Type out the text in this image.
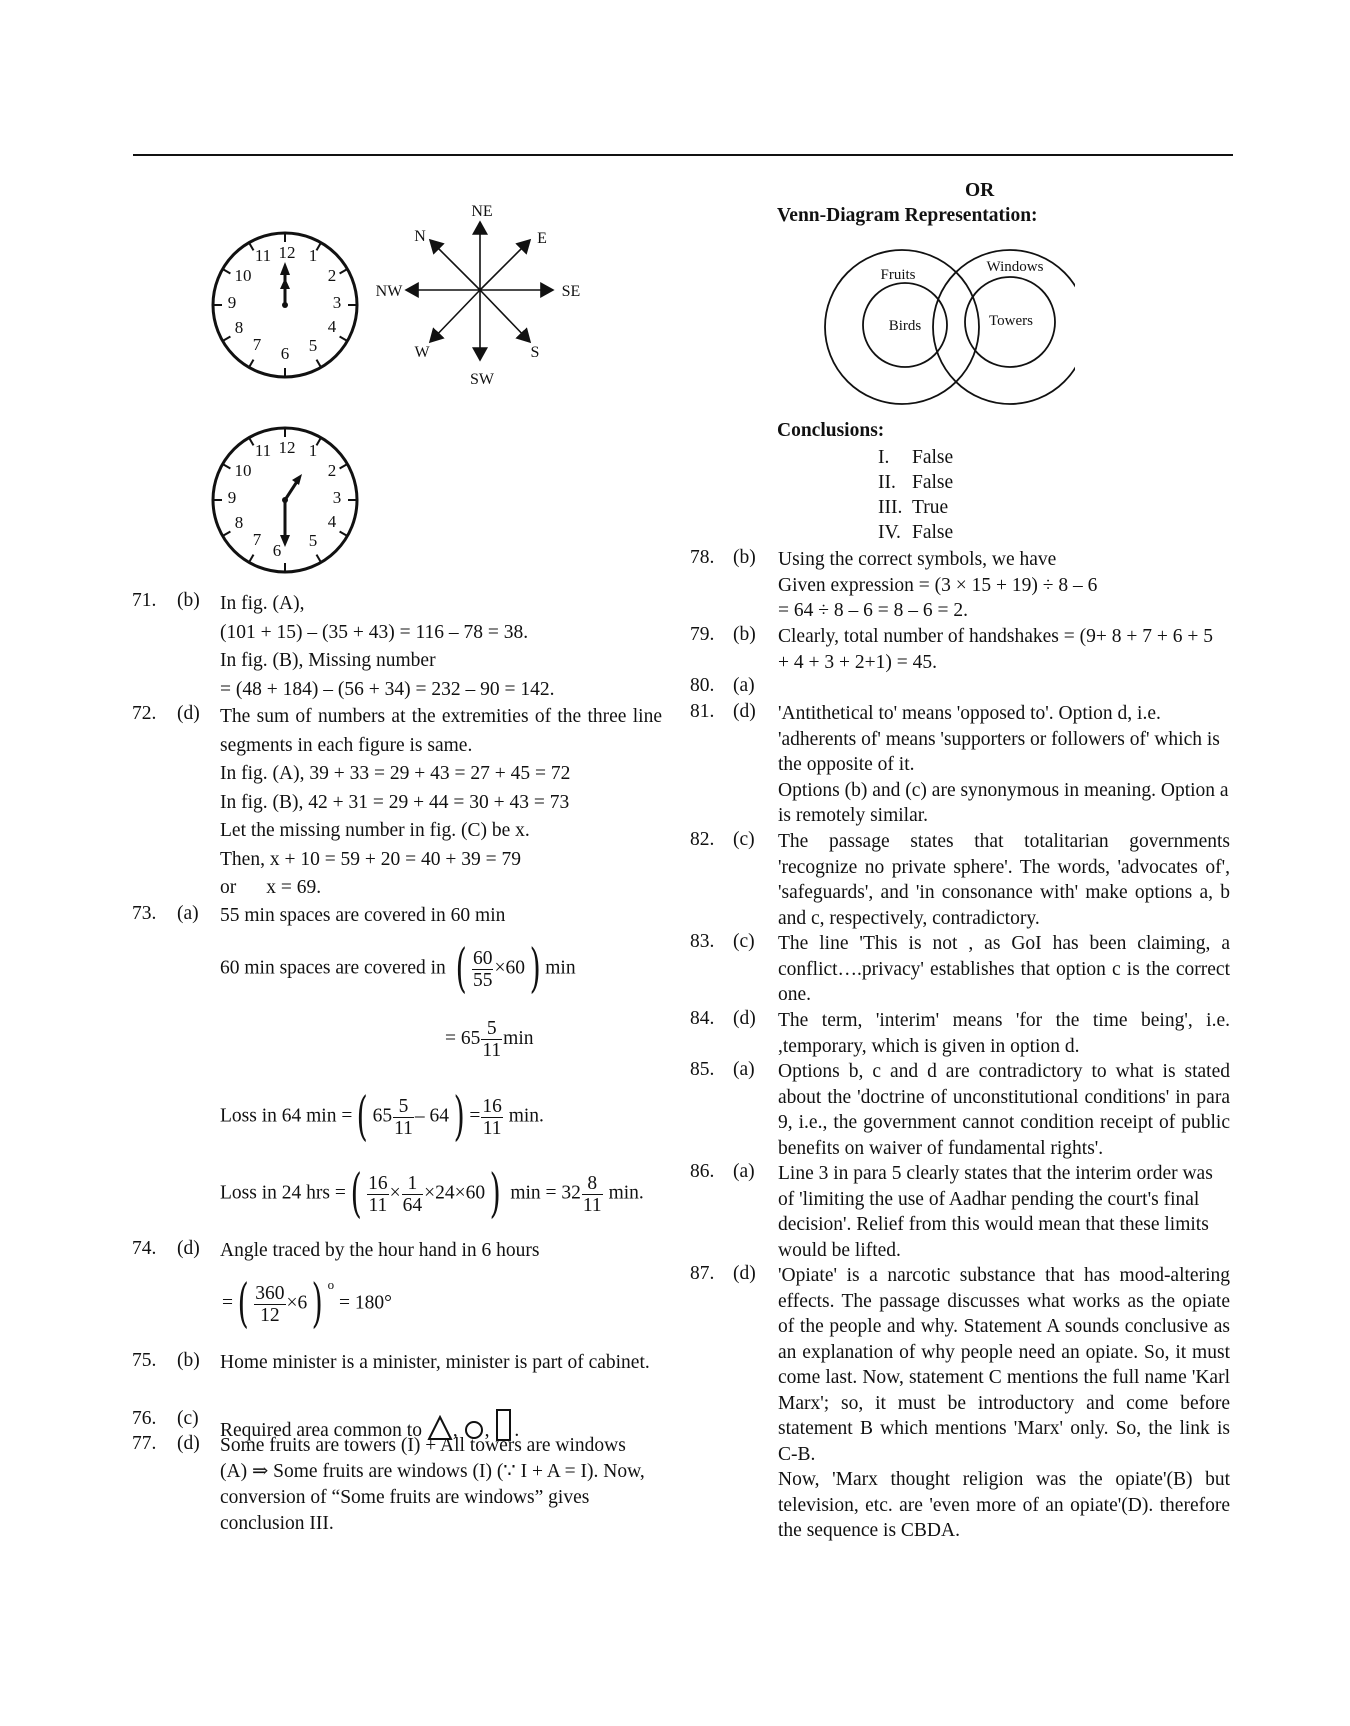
12 1
2
3
4
5
6
7
8
9
10
11
NE
N	E
NW	SE
W	S
SW
12 1
2
3
4
5
6
7
8
9
10
11
OR
Venn-Diagram Representation:
Fruits	Windows
Birds	Towers
Conclusions:
I. False
II. False
III. True
IV. False
71. (b) In fig. (A),

(101 + 15) – (35 + 43) = 116 – 78 = 38.

In fig. (B), Missing number

= (48 + 184) – (56 + 34) = 232 – 90 = 142.

72. (d) The sum of numbers at the extremities of the three line segments in each figure is same.

In fig. (A), 39 + 33 = 29 + 43 = 27 + 45 = 72

In fig. (B), 42 + 31 = 29 + 44 = 30 + 43 = 73

Let the missing number in fig. (C) be x.

Then, x + 10 = 59 + 20 = 40 + 39 = 79

or x = 69.

73. (a) 55 min spaces are covered in 60 min

60 min spaces are covered in ( $\frac{60}{55} \times 60$) min
= $65 \frac{5}{11}$ min
Loss in 64 min =( $65 \frac{5}{11} - 64) = \frac{16}{11} \min$.
Loss in 24 hrs =( $\frac{16}{11} \times \frac{1}{64} \times 24\times 60$) $\min = 32 \frac{8}{11} \min$.
74. (d) Angle traced by the hour hand in 6 hours

=( $\frac{360}{12} \times 6$) $^o$ = 180°
75. (b) Home minister is a minister, minister is part of cabinet.

76. (c)
Required area common to , , .
77. (d) Some fruits are towers (I) + All towers are windows

(A) ⇒ Some fruits are windows (I) (∵ I + A = I). Now,

conversion of “Some fruits are windows” gives

conclusion III.

78. (b) Using the correct symbols, we have

Given expression = (3 × 15 + 19) ÷ 8 – 6

= 64 ÷ 8 – 6 = 8 – 6 = 2.

79. (b) Clearly, total number of handshakes = (9+ 8 + 7 + 6 + 5

+ 4 + 3 + 2+1) = 45.

80. (a)
81. (d) 'Antithetical to' means 'opposed to'. Option d, i.e. 'adherents of' means 'supporters or followers of' which is the opposite of it.

Options (b) and (c) are synonymous in meaning. Option a is remotely similar.

82. (c) The passage states that totalitarian governments 'recognize no private sphere'. The words, 'advocates of', 'safeguards', and 'in consonance with' make options a, b and c, respectively, contradictory.

83. (c) The line 'This is not , as GoI has been claiming, a conflict….privacy' establishes that option c is the correct one.

84. (d) The term, 'interim' means 'for the time being', i.e. ,temporary, which is given in option d.

85. (a) Options b, c and d are contradictory to what is stated about the 'doctrine of unconstitutional conditions' in para 9, i.e., the government cannot condition receipt of public benefits on waiver of fundamental rights'.

86. (a) Line 3 in para 5 clearly states that the interim order was of 'limiting the use of Aadhar pending the court's final decision'. Relief from this would mean that these limits would be lifted.

87. (d) 'Opiate' is a narcotic substance that has mood-altering effects. The passage discusses what works as the opiate of the people and why. Statement A sounds conclusive as an explanation of why people need an opiate. So, it must come last. Now, statement C mentions the full name 'Karl Marx'; so, it must be introductory and come before statement B which mentions 'Marx' only. So, the link is C-B.

Now, 'Marx thought religion was the opiate'(B) but television, etc. are 'even more of an opiate'(D). therefore the sequence is CBDA.
